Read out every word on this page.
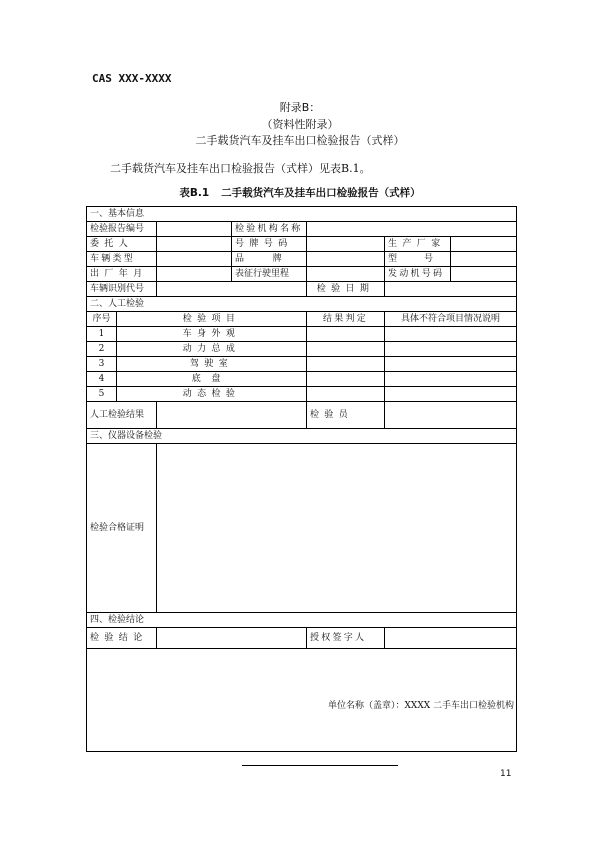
CAS XXX-XXXX
附录B：
（资料性附录）
二手载货汽车及挂车出口检验报告（式样）
二手载货汽车及挂车出口检验报告（式样）见表B.1。
表B.1 二手载货汽车及挂车出口检验报告（式样）
一、基本信息							
检验报告编号			检验机构名称				
委托人			号牌号码		生产厂家		
车辆类型			品牌		型号		
出厂年月			表征行驶里程		发动机号码		
车辆识别代号				检验日期			
二、人工检验							
序号	检验项目			结果判定	具体不符合项目情况说明	
1	车身外观						
2	动力总成						
3	驾驶室						
4	底盘						
5	动态检验						
人工检验结果				检验员			
三、仪器设备检验							
检验合格证明							
四、检验结论							
检验结论				授权签字人			

单位名称（盖章）：XXXX 二手车出口检验机构
11
